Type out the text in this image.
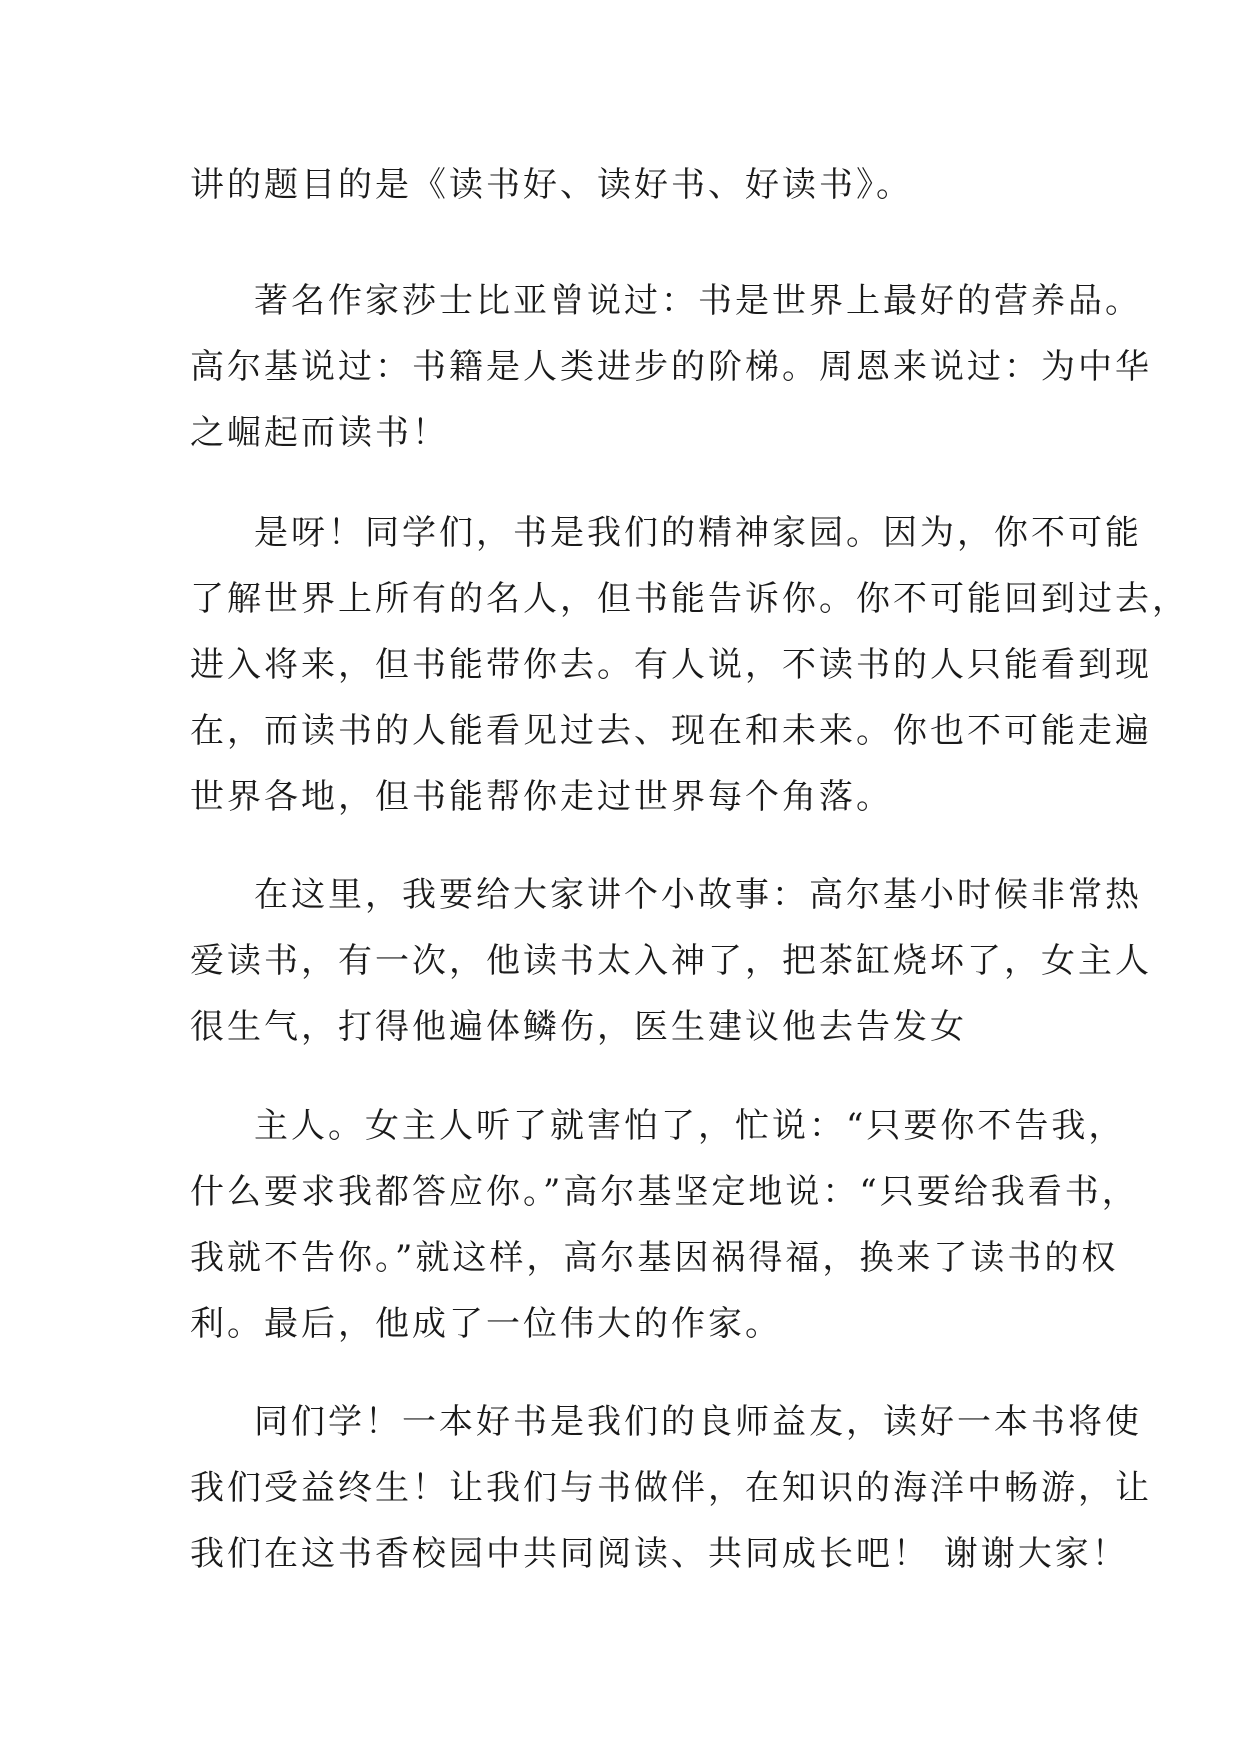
讲的题目的是《读书好、读好书、好读书》。
著名作家莎士比亚曾说过：书是世界上最好的营养品。
高尔基说过：书籍是人类进步的阶梯。周恩来说过：为中华
之崛起而读书！
是呀！同学们，书是我们的精神家园。因为，你不可能
了解世界上所有的名人，但书能告诉你。你不可能回到过去，
进入将来，但书能带你去。有人说，不读书的人只能看到现
在，而读书的人能看见过去、现在和未来。你也不可能走遍
世界各地，但书能帮你走过世界每个角落。
在这里，我要给大家讲个小故事：高尔基小时候非常热
爱读书，有一次，他读书太入神了，把茶缸烧坏了，女主人
很生气，打得他遍体鳞伤，医生建议他去告发女
主人。女主人听了就害怕了，忙说：“只要你不告我，
什么要求我都答应你。”高尔基坚定地说：“只要给我看书，
我就不告你。”就这样，高尔基因祸得福，换来了读书的权
利。最后，他成了一位伟大的作家。
同们学！一本好书是我们的良师益友，读好一本书将使
我们受益终生！让我们与书做伴，在知识的海洋中畅游，让
我们在这书香校园中共同阅读、共同成长吧！ 谢谢大家！
